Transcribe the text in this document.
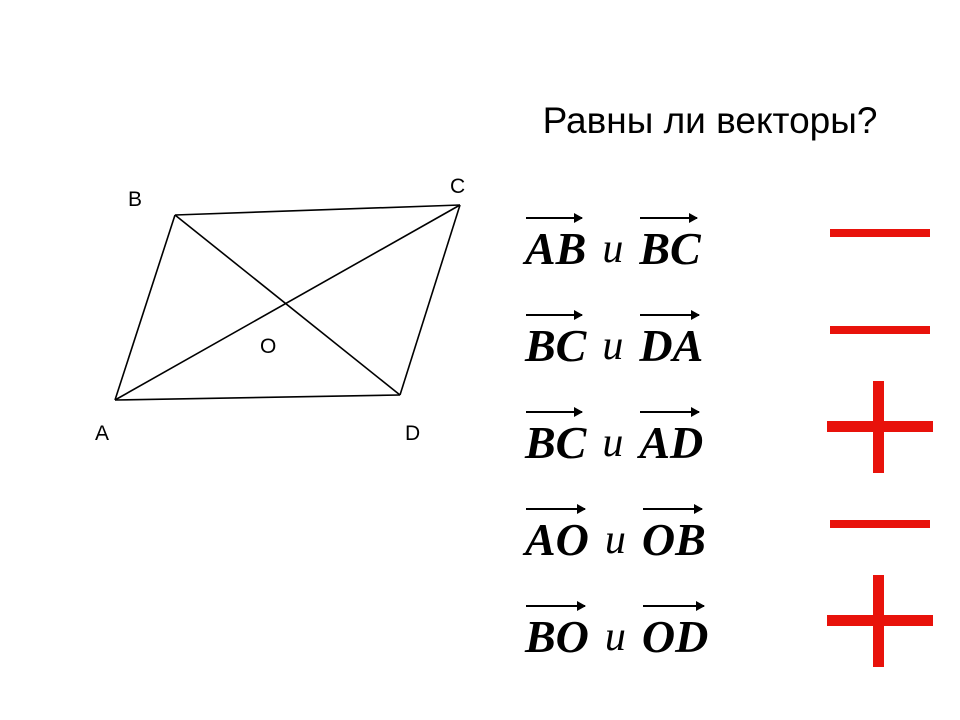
Равны ли векторы?
A
B
C
D
O
AB и BC
BC и DA
BC и AD
AO и OB
BO и OD
